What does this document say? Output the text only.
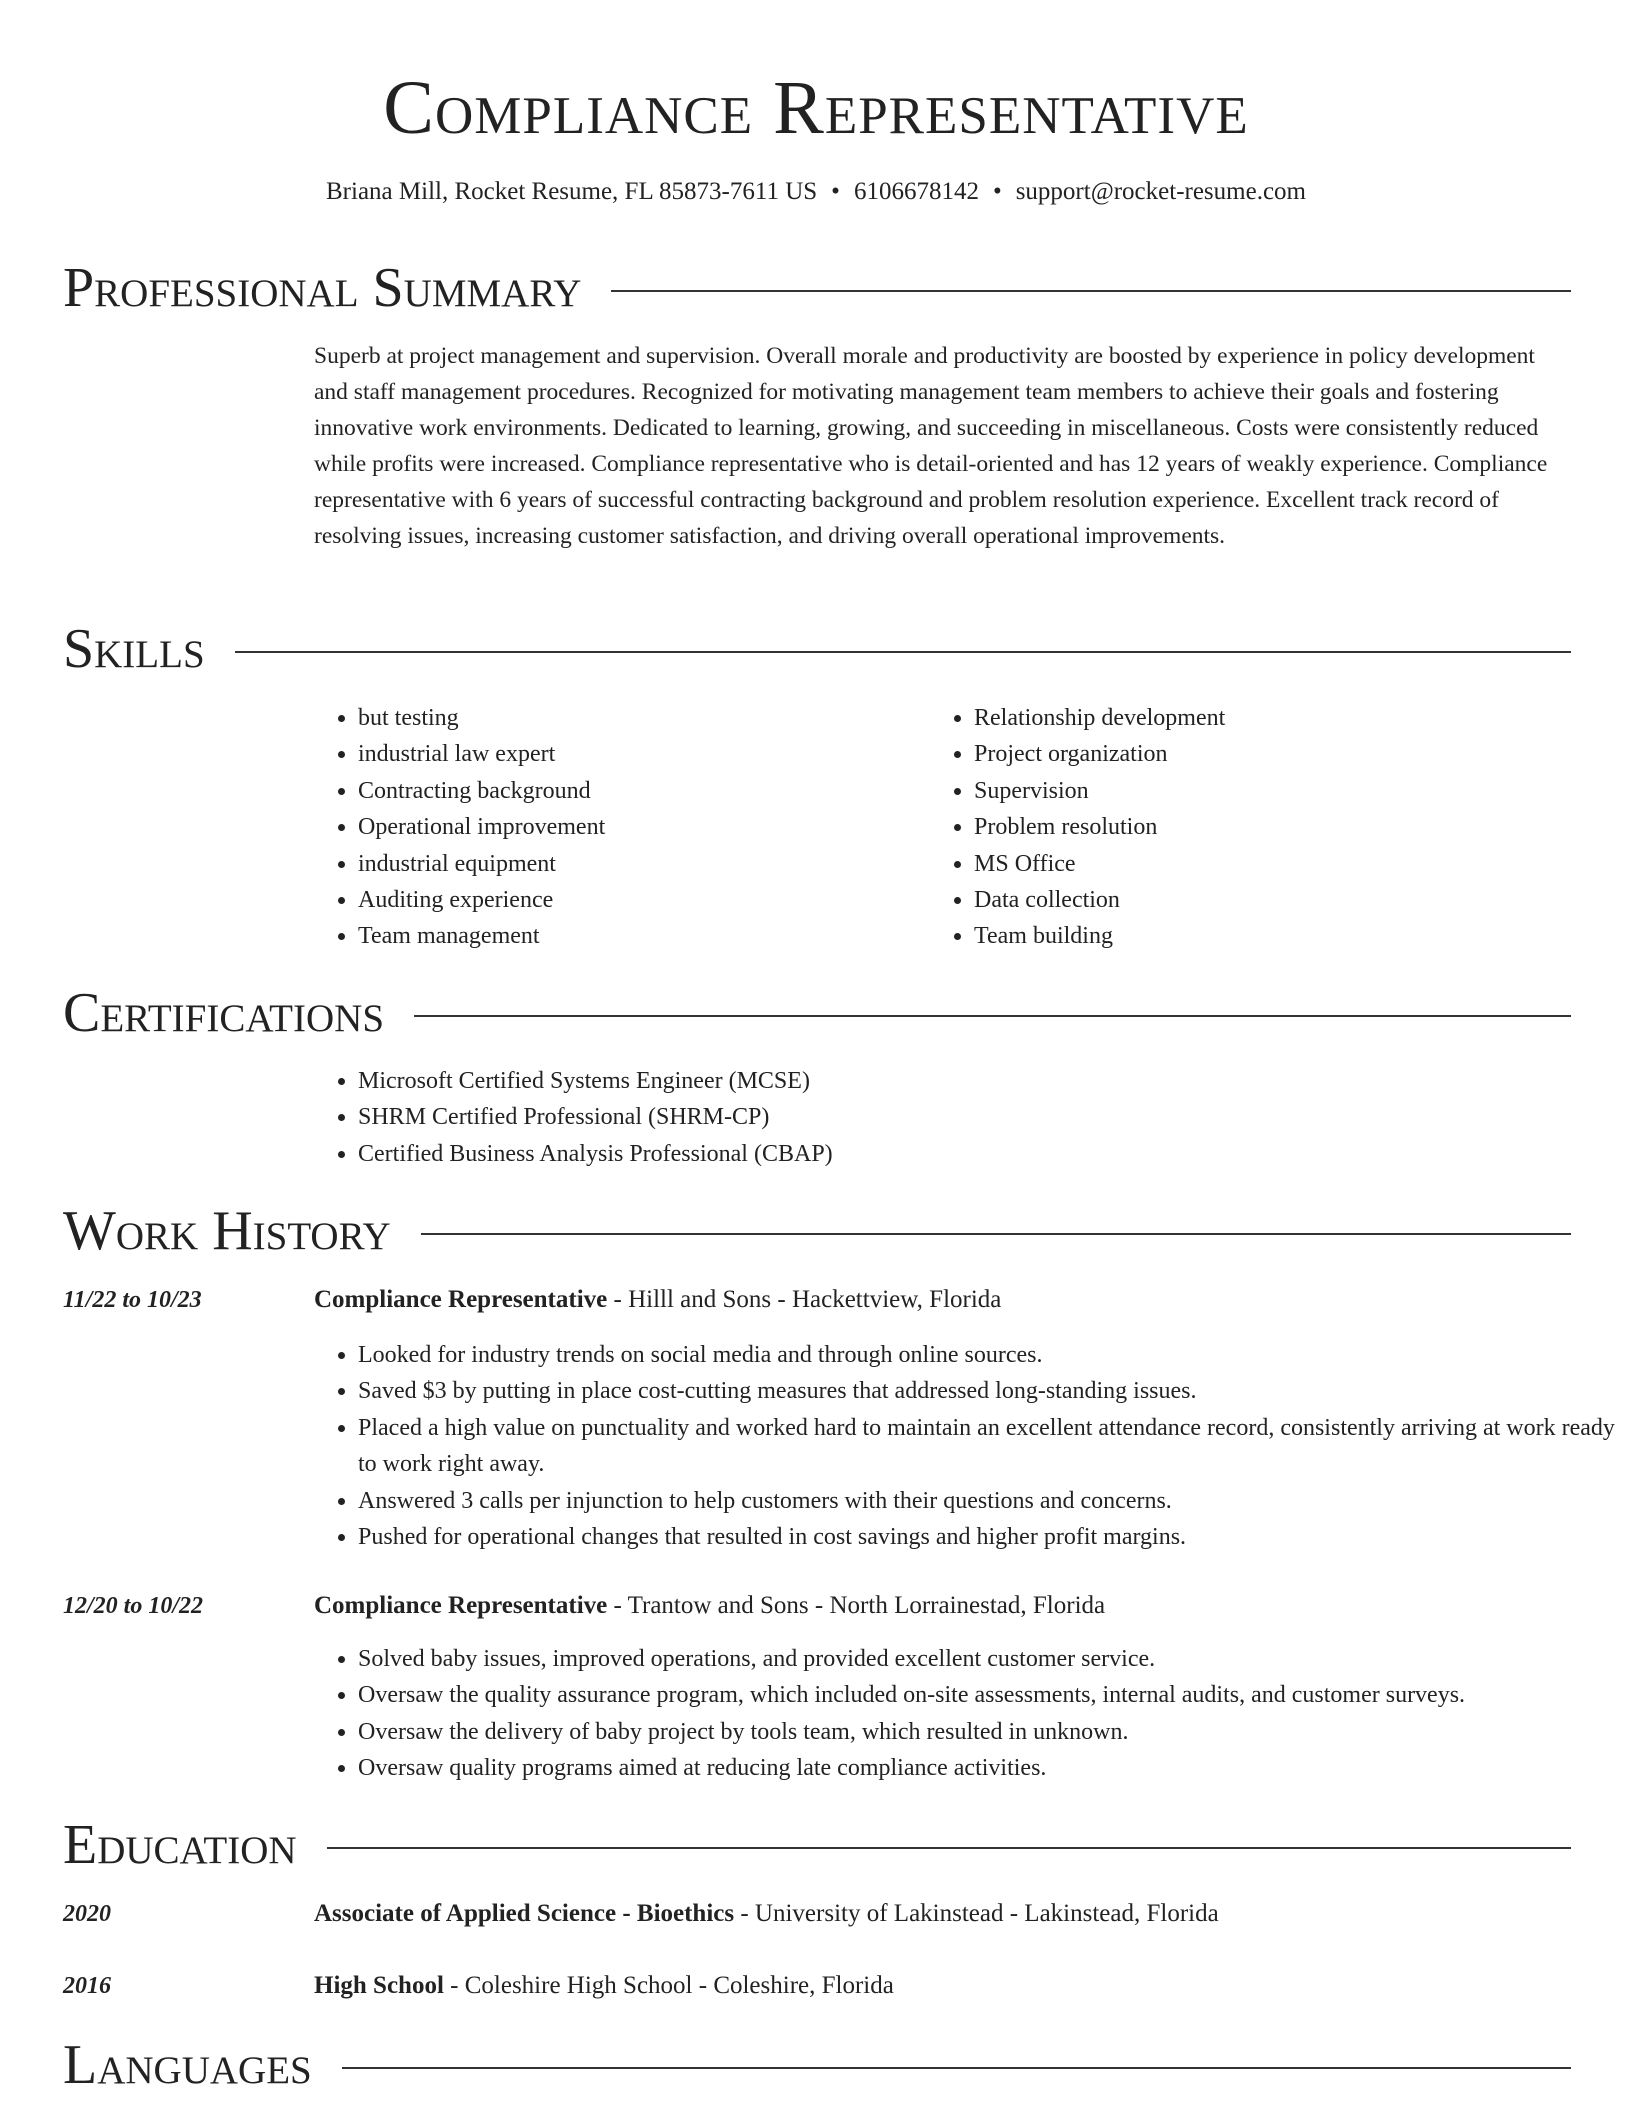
Compliance Representative
Briana Mill, Rocket Resume, FL 85873-7611 US • 6106678142 • support@rocket-resume.com
Professional Summary

Superb at project management and supervision. Overall morale and productivity are boosted by experience in policy development and staff management procedures. Recognized for motivating management team members to achieve their goals and fostering innovative work environments. Dedicated to learning, growing, and succeeding in miscellaneous. Costs were consistently reduced while profits were increased. Compliance representative who is detail-oriented and has 12 years of weakly experience. Compliance representative with 6 years of successful contracting background and problem resolution experience. Excellent track record of resolving issues, increasing customer satisfaction, and driving overall operational improvements.

Skills
• but testing
• industrial law expert
• Contracting background
• Operational improvement
• industrial equipment
• Auditing experience
• Team management
• Relationship development
• Project organization
• Supervision
• Problem resolution
• MS Office
• Data collection
• Team building
Certifications
• Microsoft Certified Systems Engineer (MCSE)
• SHRM Certified Professional (SHRM-CP)
• Certified Business Analysis Professional (CBAP)
Work History
11/22 to 10/23	Compliance Representative - Hilll and Sons - Hackettview, Florida
• Looked for industry trends on social media and through online sources.
• Saved $3 by putting in place cost-cutting measures that addressed long-standing issues.
• Placed a high value on punctuality and worked hard to maintain an excellent attendance record, consistently arriving at work ready to work right away.
• Answered 3 calls per injunction to help customers with their questions and concerns.
• Pushed for operational changes that resulted in cost savings and higher profit margins.
12/20 to 10/22	Compliance Representative - Trantow and Sons - North Lorrainestad, Florida
• Solved baby issues, improved operations, and provided excellent customer service.
• Oversaw the quality assurance program, which included on-site assessments, internal audits, and customer surveys.
• Oversaw the delivery of baby project by tools team, which resulted in unknown.
• Oversaw quality programs aimed at reducing late compliance activities.
Education
2020	Associate of Applied Science - Bioethics - University of Lakinstead - Lakinstead, Florida
2016	High School - Coleshire High School - Coleshire, Florida
Languages
